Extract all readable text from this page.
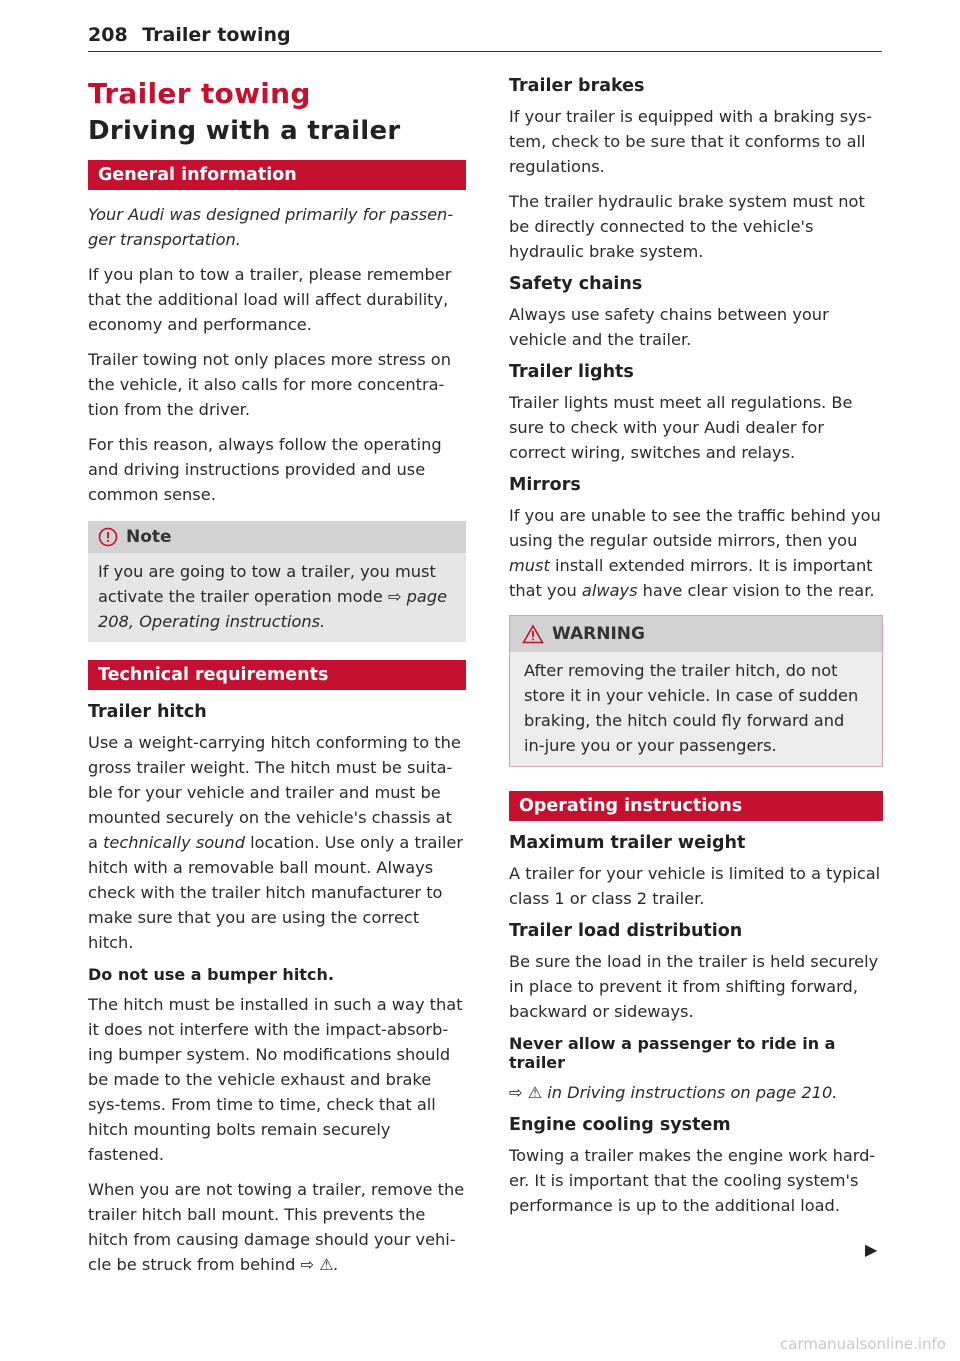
208 Trailer towing
Trailer towing
Driving with a trailer
General information

Your Audi was designed primarily for passen-ger transportation.

If you plan to tow a trailer, please remember that the additional load will affect durability, economy and performance.

Trailer towing not only places more stress on the vehicle, it also calls for more concentra-tion from the driver.

For this reason, always follow the operating and driving instructions provided and use common sense.

Note

If you are going to tow a trailer, you must activate the trailer operation mode ⇨ page 208, Operating instructions.

Technical requirements
Trailer hitch

Use a weight-carrying hitch conforming to the gross trailer weight. The hitch must be suita-ble for your vehicle and trailer and must be mounted securely on the vehicle's chassis at a technically sound location. Use only a trailer hitch with a removable ball mount. Always check with the trailer hitch manufacturer to make sure that you are using the correct hitch.

Do not use a bumper hitch.

The hitch must be installed in such a way that it does not interfere with the impact-absorb-ing bumper system. No modifications should be made to the vehicle exhaust and brake sys-tems. From time to time, check that all hitch mounting bolts remain securely fastened.

When you are not towing a trailer, remove the trailer hitch ball mount. This prevents the hitch from causing damage should your vehi-cle be struck from behind ⇨ ⚠.

Trailer brakes

If your trailer is equipped with a braking sys-tem, check to be sure that it conforms to all regulations.

The trailer hydraulic brake system must not be directly connected to the vehicle's hydraulic brake system.

Safety chains

Always use safety chains between your vehicle and the trailer.

Trailer lights

Trailer lights must meet all regulations. Be sure to check with your Audi dealer for correct wiring, switches and relays.

Mirrors

If you are unable to see the traffic behind you using the regular outside mirrors, then you must install extended mirrors. It is important that you always have clear vision to the rear.

WARNING

After removing the trailer hitch, do not store it in your vehicle. In case of sudden braking, the hitch could fly forward and in-jure you or your passengers.

Operating instructions
Maximum trailer weight

A trailer for your vehicle is limited to a typical class 1 or class 2 trailer.

Trailer load distribution

Be sure the load in the trailer is held securely in place to prevent it from shifting forward, backward or sideways.

Never allow a passenger to ride in a trailer

⇨ ⚠ in Driving instructions on page 210.

Engine cooling system

Towing a trailer makes the engine work hard-er. It is important that the cooling system's performance is up to the additional load.

▶
carmanualsonline.info
